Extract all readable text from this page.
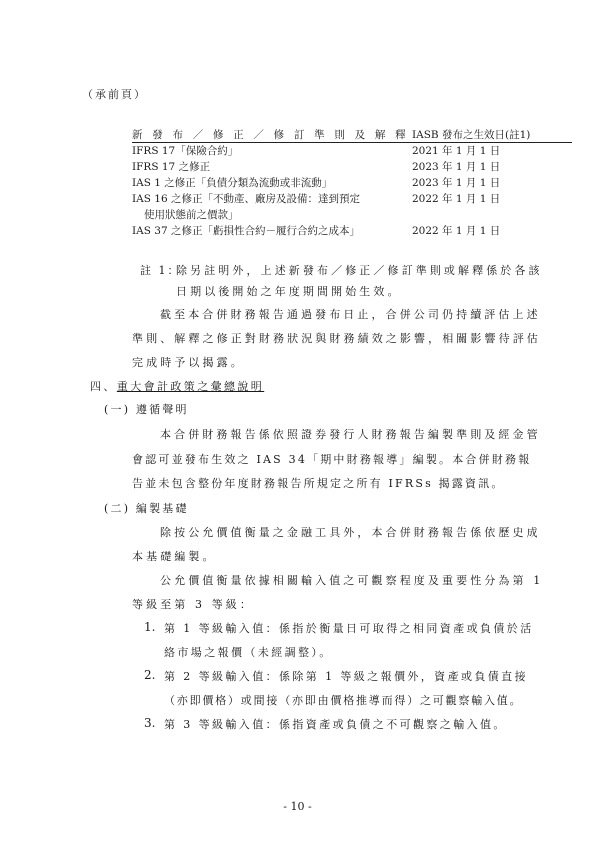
（承前頁）
新 發 布 ／ 修 正 ／ 修 訂 準 則 及 解 釋 IASB 發布之生效日(註1)
IFRS 17「保險合約」	2021 年 1 月 1 日
IFRS 17 之修正	2023 年 1 月 1 日
IAS 1 之修正「負債分類為流動或非流動」	2023 年 1 月 1 日
IAS 16 之修正「不動產、廠房及設備：達到預定	2022 年 1 月 1 日
使用狀態前之價款」
IAS 37 之修正「虧損性合約－履行合約之成本」	2022 年 1 月 1 日
註 1：
除另註明外，上述新發布／修正／修訂準則或解釋係於各該
日期以後開始之年度期間開始生效。
截至本合併財務報告通過發布日止，合併公司仍持續評估上述
準則、解釋之修正對財務狀況與財務績效之影響，相關影響待評估
完成時予以揭露。
四、重大會計政策之彙總說明
(一) 遵循聲明
本合併財務報告係依照證券發行人財務報告編製準則及經金管
會認可並發布生效之 IAS 34「期中財務報導」編製。本合併財務報
告並未包含整份年度財務報告所規定之所有 IFRSs 揭露資訊。
(二) 編製基礎
除按公允價值衡量之金融工具外，本合併財務報告係依歷史成
本基礎編製。
公允價值衡量依據相關輸入值之可觀察程度及重要性分為第 1
等級至第 3 等級：
1. 第 1 等級輸入值：係指於衡量日可取得之相同資產或負債於活
絡市場之報價（未經調整）。
2. 第 2 等級輸入值：係除第 1 等級之報價外，資產或負債直接
（亦即價格）或間接（亦即由價格推導而得）之可觀察輸入值。
3. 第 3 等級輸入值：係指資產或負債之不可觀察之輸入值。
- 10 -
